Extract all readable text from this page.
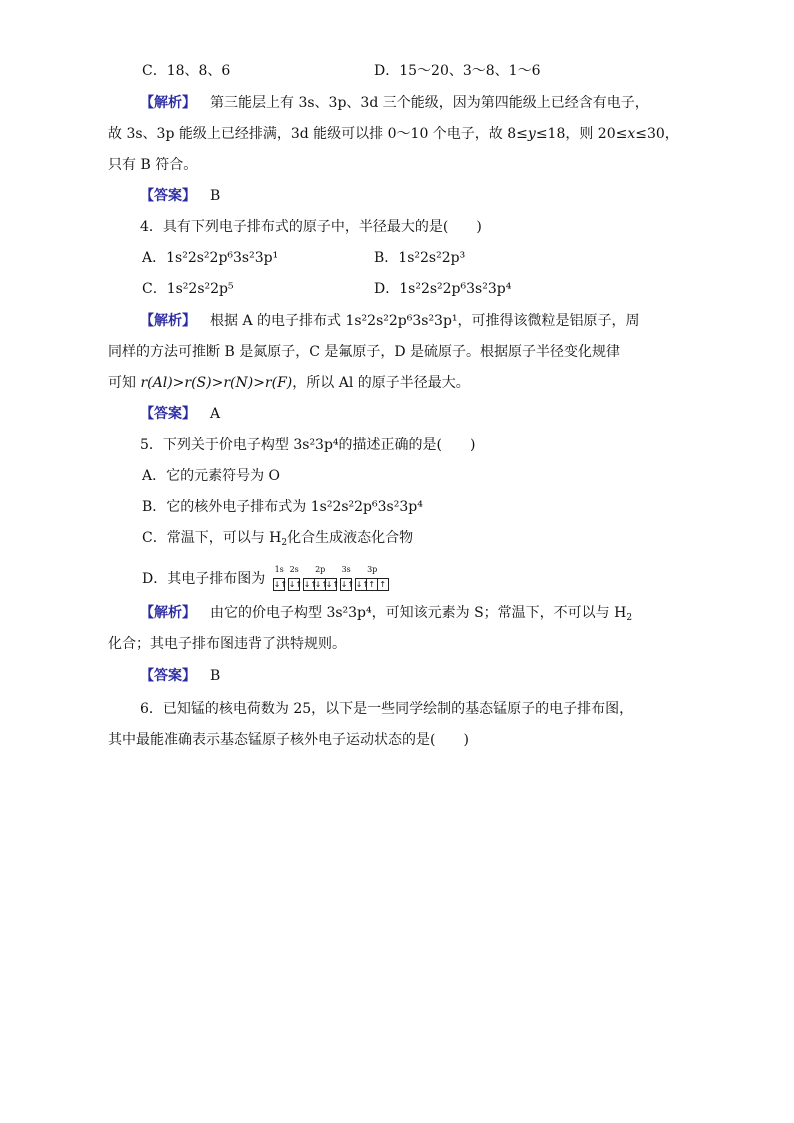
C．18、8、6	D．15～20、3～8、1～6
【解析】 第三能层上有 3s、3p、3d 三个能级，因为第四能级上已经含有电子，
故 3s、3p 能级上已经排满，3d 能级可以排 0～10 个电子，故 8≤y≤18，则 20≤x≤30，
只有 B 符合。
【答案】 B
4．具有下列电子排布式的原子中，半径最大的是(　　)
A．1s²2s²2p⁶3s²3p¹	B．1s²2s²2p³
C．1s²2s²2p⁵	D．1s²2s²2p⁶3s²3p⁴
【解析】 根据 A 的电子排布式 1s²2s²2p⁶3s²3p¹，可推得该微粒是铝原子，周
同样的方法可推断 B 是氮原子，C 是氟原子，D 是硫原子。根据原子半径变化规律
可知 r(Al)>r(S)>r(N)>r(F)，所以 Al 的原子半径最大。
【答案】 A
5．下列关于价电子构型 3s²3p⁴的描述正确的是(　　)
A．它的元素符号为 O
B．它的核外电子排布式为 1s²2s²2p⁶3s²3p⁴
C．常温下，可以与 $H_2$化合生成液态化合物
D．其电子排布图为
1s
↓↑
2s
↓↑
2p
↓↑↓↑↓↑
3s
↓↑
3p
↓↑↑ ↑
【解析】 由它的价电子构型 3s²3p⁴，可知该元素为 S；常温下，不可以与 $H_2$
化合；其电子排布图违背了洪特规则。
【答案】 B
6．已知锰的核电荷数为 25，以下是一些同学绘制的基态锰原子的电子排布图，
其中最能准确表示基态锰原子核外电子运动状态的是(　　)
